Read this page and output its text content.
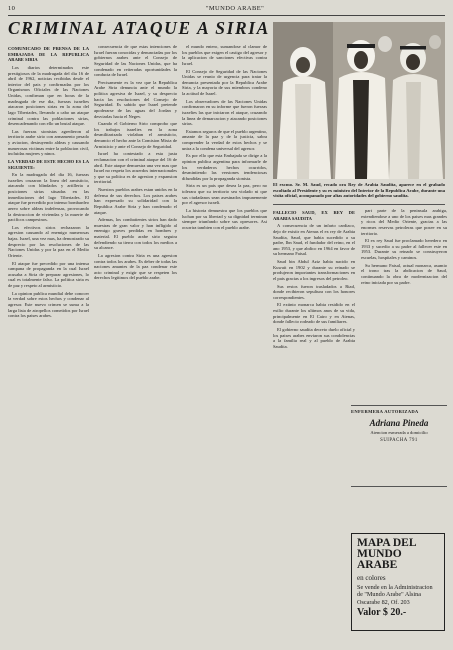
10	"MUNDO ARABE"
CRIMINAL ATAQUE A SIRIA

COMUNICADO DE PRENSA DE LA EMBAJADA DE LA REPUBLICA ARABE SIRIA

Los diarios determinados este prestigiosos de la madrugada del dia 16 de abril de 1962, noticias recibidas desde el interior del pais y confirmadas por los Organismos Oficiales de las Naciones Unidas, confirman que en horas de la madrugada de ese dia, fuerzas israelies atacaron posiciones sirias en la zona del lago Tiberiades, llevando a cabo un ataque criminal contra las poblaciones sirias, desencadenando con ello un brutal ataque.

Las fuerzas sionistas agredieron al territorio arabe sirio con armamento pesado y aviacion, destruyendo aldeas y causando numerosas victimas entre la poblacion civil, incluidas mujeres y ninos.

LA VERDAD DE ESTE HECHO ES LA SIGUIENTE:

En la madrugada del dia 16, fuerzas israelies cruzaron la linea del armisticio, atacando con blindados y artilleria a posiciones sirias situadas en las inmediaciones del lago Tiberiades. El ataque fue precedido por intenso bombardeo aereo sobre aldeas indefensas, provocando la destruccion de viviendas y la muerte de pacificos campesinos.

Los efectivos sirios rechazaron la agresion causando al enemigo numerosas bajas. Israel, una vez mas, ha demostrado su desprecio por las resoluciones de las Naciones Unidas y por la paz en el Medio Oriente.

El ataque fue precedido por una intensa campana de propaganda en la cual Israel acusaba a Siria de preparar agresiones, lo cual es totalmente falso. La politica siria es de paz y respeto al armisticio.

La opinion publica mundial debe conocer la verdad sobre estos hechos y condenar al agresor. Este nuevo crimen se suma a la larga lista de atropellos cometidos por Israel contra los paises arabes.

consecuencia de que estas intenciones de Israel fueran conocidas y denunciadas por los gobiernos arabes ante el Consejo de Seguridad de las Naciones Unidas, que ha condenado en reiteradas oportunidades la conducta de Israel.

Precisamente es la vez que la Republica Arabe Siria denuncia ante el mundo la politica agresiva de Israel, y su desprecio hacia las resoluciones del Consejo de Seguridad. Es sabido que Israel pretende apoderarse de las aguas del Jordan y desviarlas hacia el Negev.

Cuando el Gobierno Sirio comprobo que los trabajos israelies en la zona desmilitarizada violaban el armisticio, denuncio el hecho ante la Comision Mixta de Armisticio y ante el Consejo de Seguridad.

Israel ha contestado a esta justa reclamacion con el criminal ataque del 16 de abril. Este ataque demuestra una vez mas que Israel no respeta los acuerdos internacionales y que su politica es de agresion y expansion territorial.

Nuestros pueblos arabes estan unidos en la defensa de sus derechos. Los paises arabes han expresado su solidaridad con la Republica Arabe Siria y han condenado el ataque.

Ademas, los combatientes sirios han dado muestras de gran valor y han infligido al enemigo graves perdidas en hombres y material. El pueblo arabe sirio seguira defendiendo su tierra con todos los medios a su alcance.

La agresion contra Siria es una agresion contra todos los arabes. Es deber de todas las naciones amantes de la paz condenar este acto criminal y exigir que se respeten los derechos legitimos del pueblo arabe.

el mundo entero, sumandose al clamor de los pueblos que exigen el castigo del agresor y la aplicacion de sanciones efectivas contra Israel.

El Consejo de Seguridad de las Naciones Unidas se reunio de urgencia para tratar la denuncia presentada por la Republica Arabe Siria, y la mayoria de sus miembros condeno la actitud de Israel.

Los observadores de las Naciones Unidas confirmaron en su informe que fueron fuerzas israelies las que iniciaron el ataque, cruzando la linea de demarcacion y atacando posiciones sirias.

Estamos seguros de que el pueblo argentino, amante de la paz y de la justicia, sabra comprender la verdad de estos hechos y se unira a la condena universal del agresor.

Es por ello que esta Embajada se dirige a la opinion publica argentina para informarle de los verdaderos hechos ocurridos, desmintiendo las versiones tendenciosas difundidas por la propaganda sionista.

Siria es un pais que desea la paz, pero no tolerara que su territorio sea violado ni que sus ciudadanos sean asesinados impunemente por el agresor israeli.

La historia demuestra que los pueblos que luchan por su libertad y su dignidad terminan siempre triunfando sobre sus opresores. Asi ocurrira tambien con el pueblo arabe.

El excmo. Sr. M. Saud, recado ora Rey de Arabia Saudita, aparece en el grabado escoltado al Presidente y su ex ministro del Interior de la Republica Arabe, durante una visita oficial, acompanado por altas autoridades del gobierno saudita.

FALLECIO SAUD, EX REY DE ARABIA SAUDITA

A consecuencia de un infarto cardiaco, dejo de existir en Atenas el ex rey de Arabia Saudita, Saud, que habia sucedido a su padre, Ibn Saud, el fundador del reino, en el ano 1953, y que abdico en 1964 en favor de su hermano Faisal.

Saud bin Abdul Aziz habia nacido en Kuwait en 1902 y durante su reinado se produjeron importantes transformaciones en el pais gracias a los ingresos del petroleo.

Sus restos fueron trasladados a Riad, donde recibieron sepultura con los honores correspondientes.

El extinto monarca habia residido en el exilio durante los ultimos anos de su vida, principalmente en El Cairo y en Atenas, donde fallecio rodeado de sus familiares.

El gobierno saudita decreto duelo oficial y los paises arabes enviaron sus condolencias a la familia real y al pueblo de Arabia Saudita.

part parte de la peninsula arabiga, extendiendose a uno de los paises mas grandes y ricos del Medio Oriente, gracias a las enormes reservas petroleras que posee en su territorio.

El ex rey Saud fue proclamado heredero en 1933 y sucedio a su padre al fallecer este en 1953. Durante su reinado se construyeron escuelas, hospitales y caminos.

Su hermano Faisal, actual monarca, asumio el trono tras la abdicacion de Saud, continuando la obra de modernizacion del reino iniciada por su padre.

ENFERMERA AUTORIZADA
Adriana Pineda
Atencion esmerada a domicilio
SUIPACHA 791
MAPA DEL MUNDO ARABE
en colores
Se vende en la Administracion de "Mundo Arabe" Alsina Oscarabe 82, Of. 203
Valor $ 20.-
